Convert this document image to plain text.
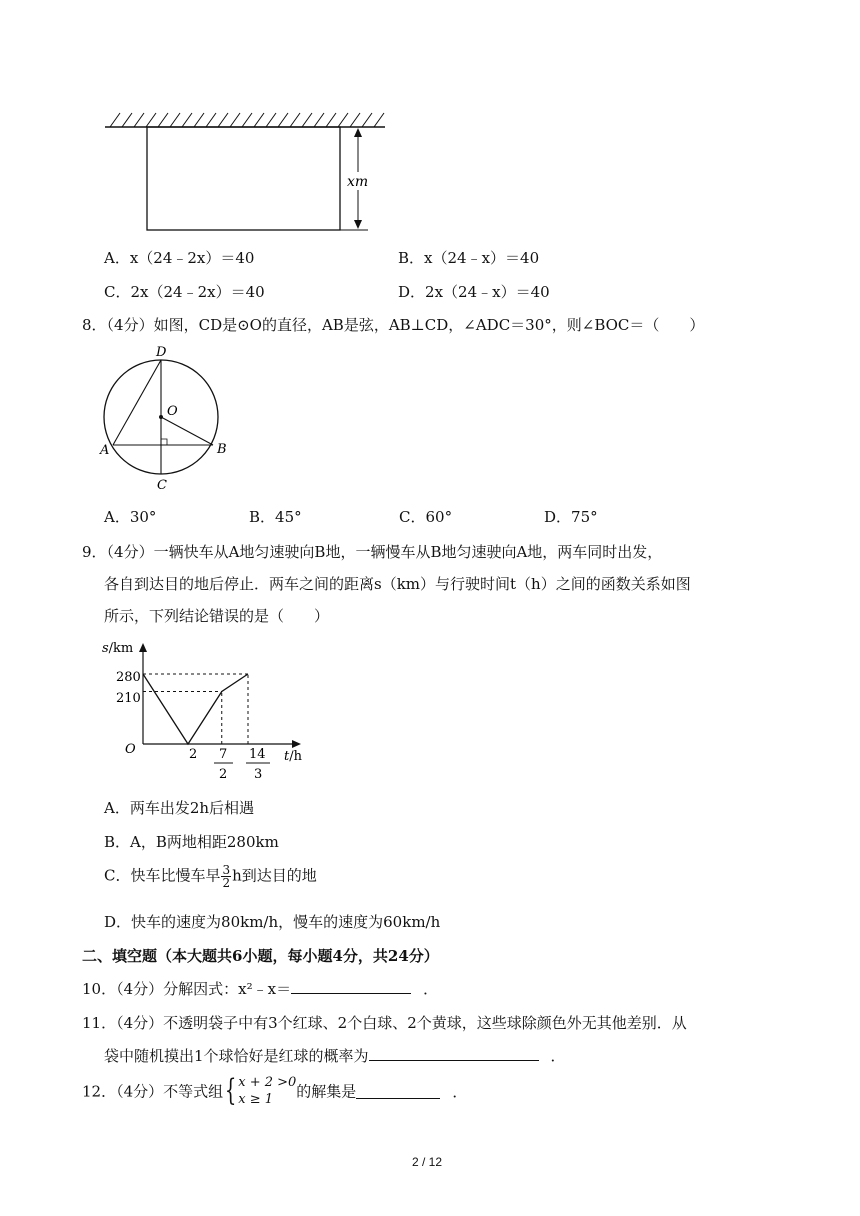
xm
A．x（24﹣2x）＝40	B．x（24﹣x）＝40
C．2x（24﹣2x）＝40	D．2x（24﹣x）＝40
8．（4分）如图，CD是⊙O的直径，AB是弦，AB⊥CD，∠ADC＝30°，则∠BOC＝（　　）
D
O
A	B
C
A．30°	B．45°	C．60°	D．75°
9．（4分）一辆快车从A地匀速驶向B地，一辆慢车从B地匀速驶向A地，两车同时出发，
各自到达目的地后停止．两车之间的距离s（km）与行驶时间t（h）之间的函数关系如图
所示，下列结论错误的是（　　）
s/km
280
210
O	2	t/h
7
2
14
3
A．两车出发2h后相遇
B．A，B两地相距280km
C．快车比慢车早 $\frac{3}{2}$ h到达目的地
D．快车的速度为80km/h，慢车的速度为60km/h
二、填空题（本大题共6小题，每小题4分，共24分）
10．（4分）分解因式：x²﹣x＝	．
11．（4分）不透明袋子中有3个红球、2个白球、2个黄球，这些球除颜色外无其他差别．从
袋中随机摸出1个球恰好是红球的概率为	．
12．（4分）不等式组{ x + 2 >0
x ≥ 1	的解集是	．
2 / 12
